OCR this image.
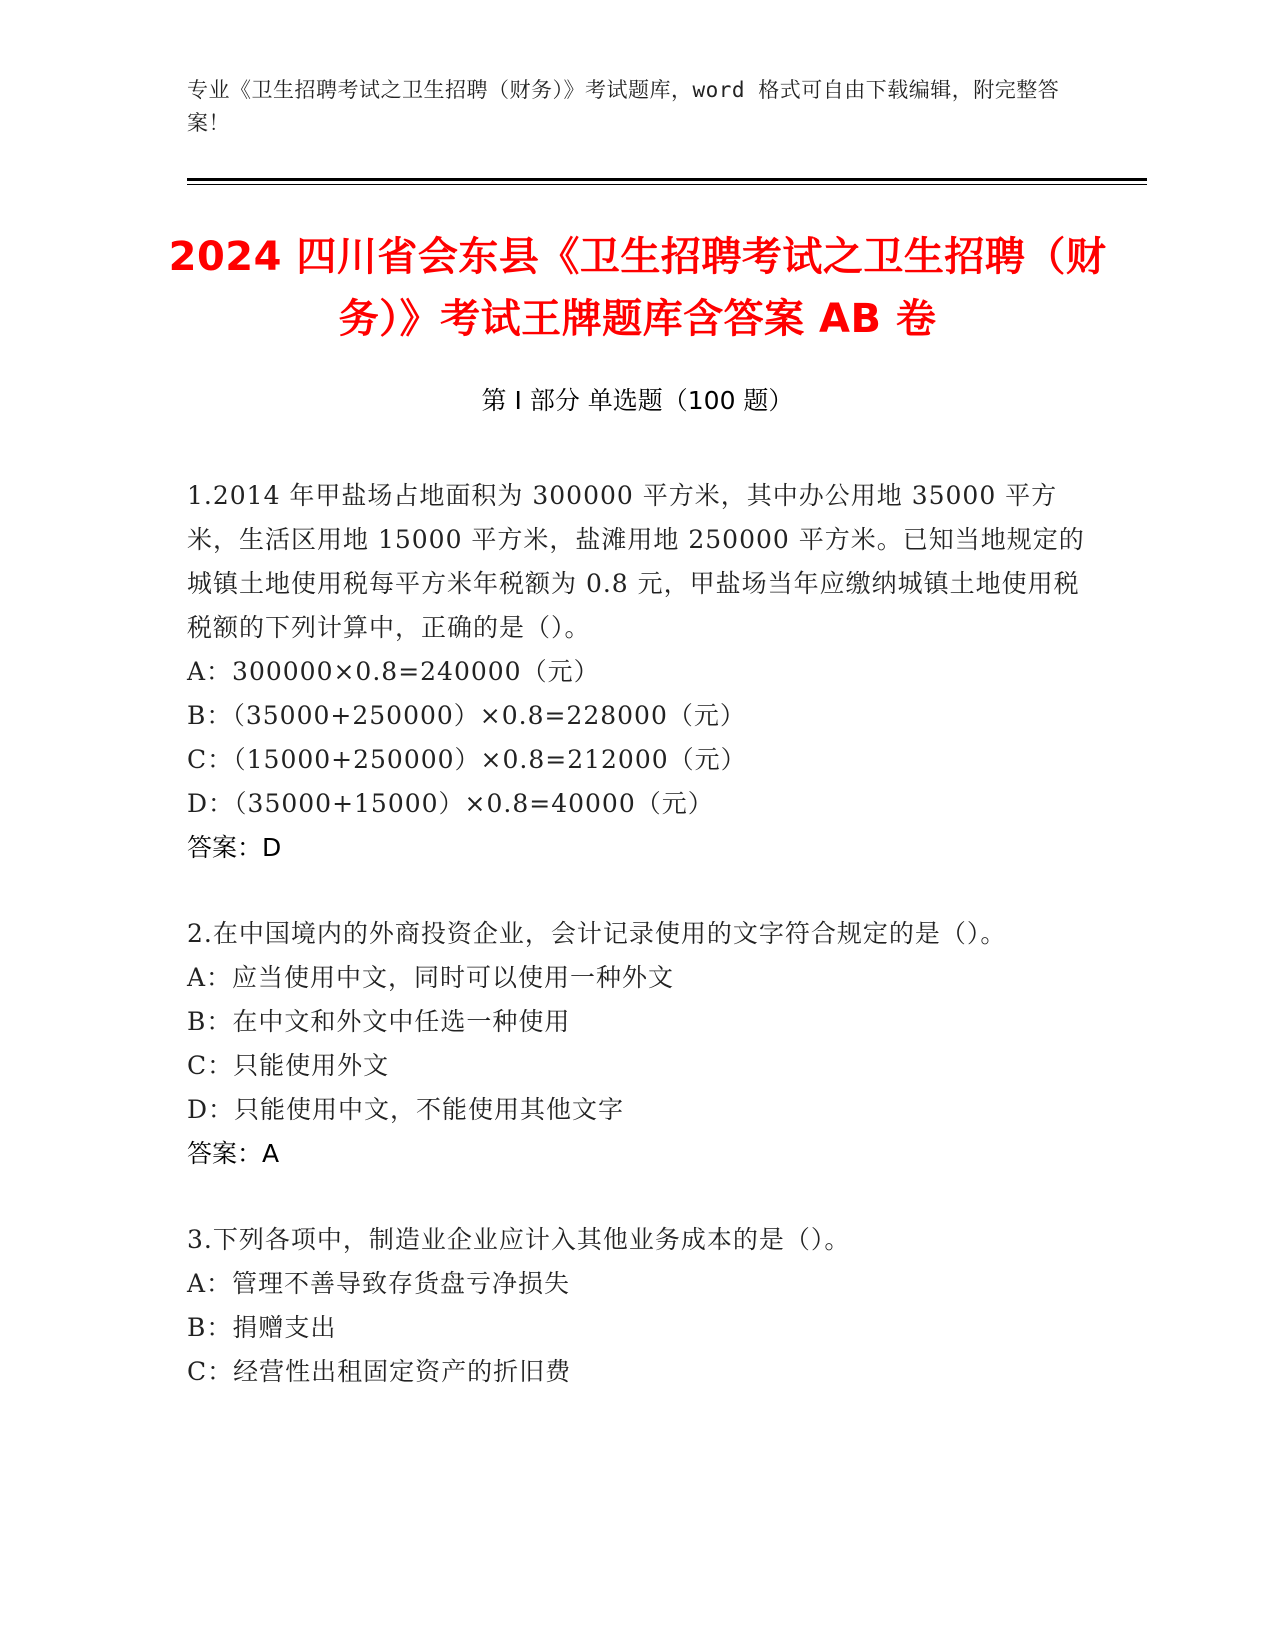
专业《卫生招聘考试之卫生招聘（财务）》考试题库，word 格式可自由下载编辑，附完整答案！
2024 四川省会东县《卫生招聘考试之卫生招聘（财务）》考试王牌题库含答案 AB 卷
第 I 部分 单选题（100 题）

1.2014 年甲盐场占地面积为 300000 平方米，其中办公用地 35000 平方米，生活区用地 15000 平方米，盐滩用地 250000 平方米。已知当地规定的城镇土地使用税每平方米年税额为 0.8 元，甲盐场当年应缴纳城镇土地使用税税额的下列计算中，正确的是（）。

A：300000×0.8=240000（元）

B：（35000+250000）×0.8=228000（元）

C：（15000+250000）×0.8=212000（元）

D：（35000+15000）×0.8=40000（元）

答案：D

2.在中国境内的外商投资企业，会计记录使用的文字符合规定的是（）。

A：应当使用中文，同时可以使用一种外文

B：在中文和外文中任选一种使用

C：只能使用外文

D：只能使用中文，不能使用其他文字

答案：A

3.下列各项中，制造业企业应计入其他业务成本的是（）。

A：管理不善导致存货盘亏净损失

B：捐赠支出

C：经营性出租固定资产的折旧费
